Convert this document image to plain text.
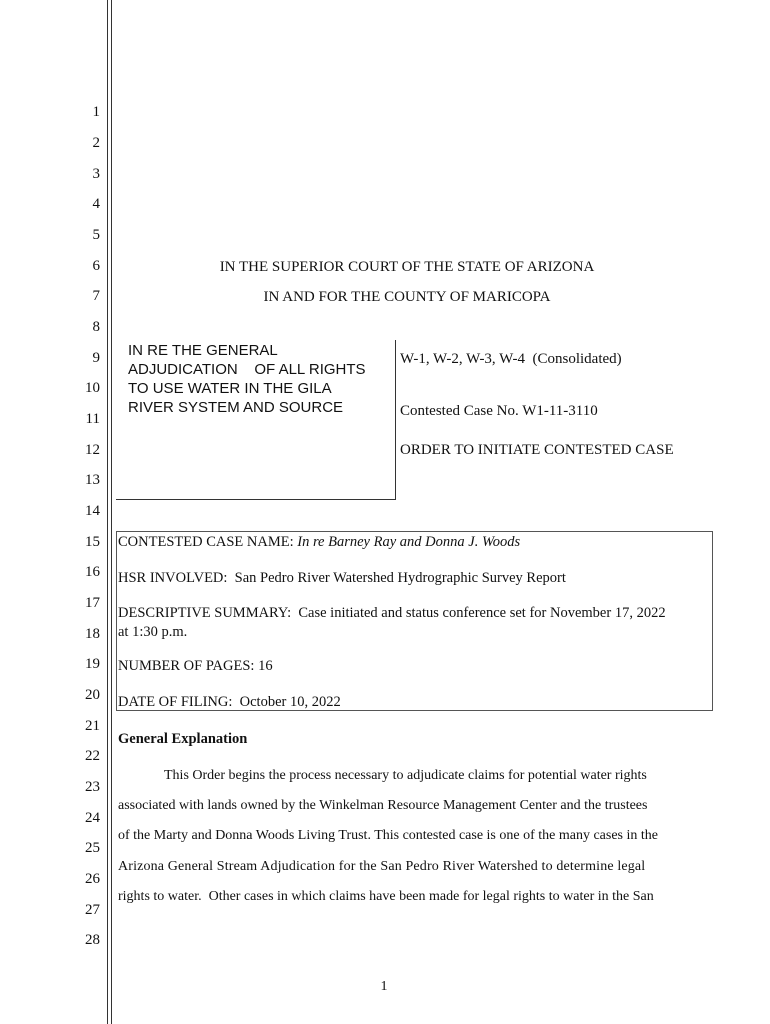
1
2
3
4
5
6
7
8
9
10
11
12
13
14
15
16
17
18
19
20
21
22
23
24
25
26
27
28
IN THE SUPERIOR COURT OF THE STATE OF ARIZONA
IN AND FOR THE COUNTY OF MARICOPA
IN RE THE GENERAL
ADJUDICATION    OF ALL RIGHTS
TO USE WATER IN THE GILA
RIVER SYSTEM AND SOURCE
W-1, W-2, W-3, W-4  (Consolidated)
Contested Case No. W1-11-3110
ORDER TO INITIATE CONTESTED CASE
CONTESTED CASE NAME: In re Barney Ray and Donna J. Woods
HSR INVOLVED:  San Pedro River Watershed Hydrographic Survey Report
DESCRIPTIVE SUMMARY:  Case initiated and status conference set for November 17, 2022
at 1:30 p.m.
NUMBER OF PAGES: 16
DATE OF FILING:  October 10, 2022
General Explanation
This Order begins the process necessary to adjudicate claims for potential water rights
associated with lands owned by the Winkelman Resource Management Center and the trustees
of the Marty and Donna Woods Living Trust. This contested case is one of the many cases in the
Arizona General Stream Adjudication for the San Pedro River Watershed to determine legal
rights to water.  Other cases in which claims have been made for legal rights to water in the San
1
